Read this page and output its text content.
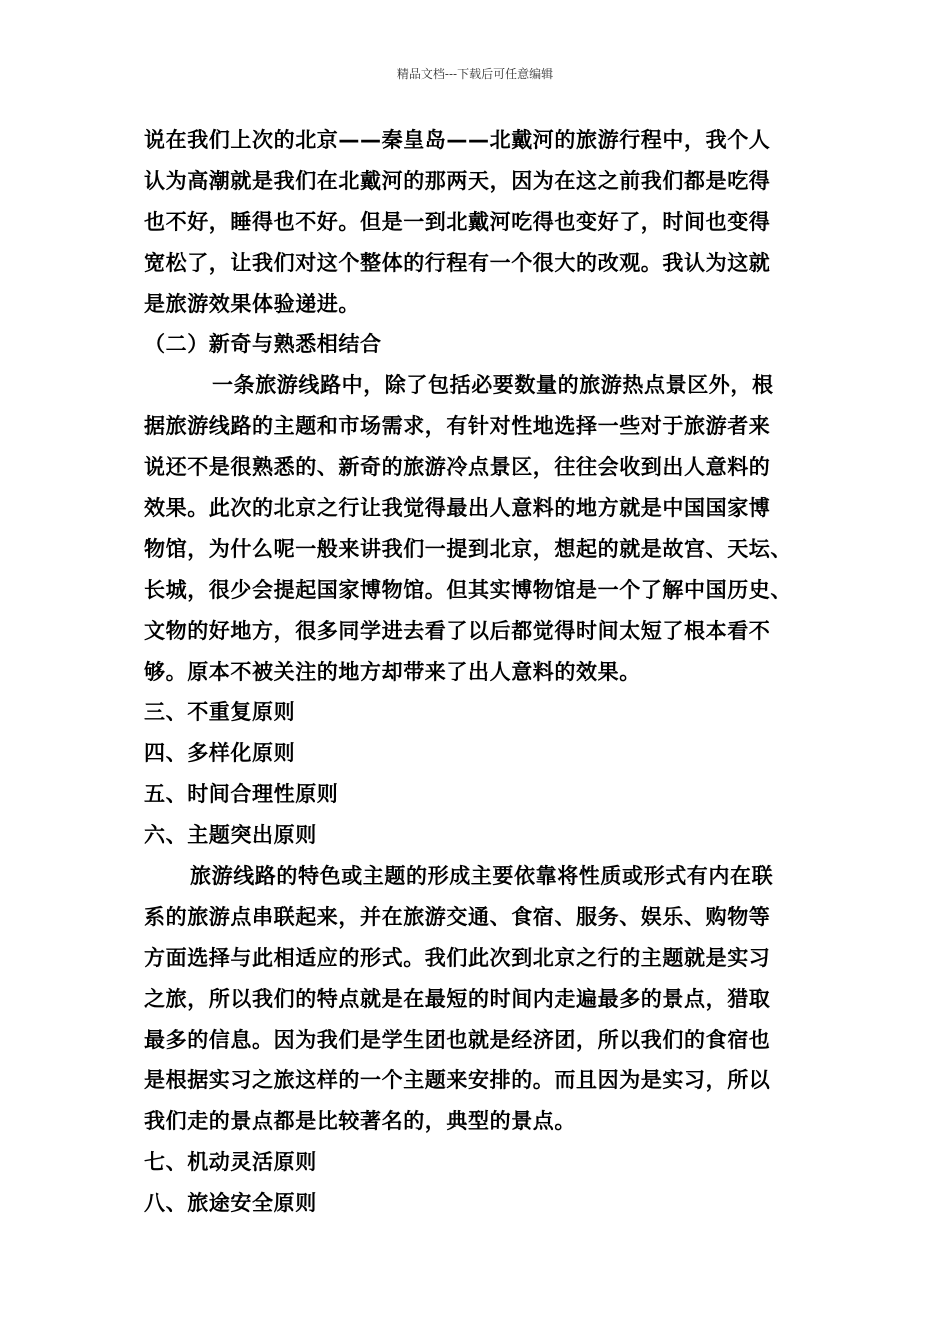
精品文档---下载后可任意编辑
说在我们上次的北京——秦皇岛——北戴河的旅游行程中，我个人
认为高潮就是我们在北戴河的那两天，因为在这之前我们都是吃得
也不好，睡得也不好。但是一到北戴河吃得也变好了，时间也变得
宽松了，让我们对这个整体的行程有一个很大的改观。我认为这就
是旅游效果体验递进。
（二）新奇与熟悉相结合
一条旅游线路中，除了包括必要数量的旅游热点景区外，根
据旅游线路的主题和市场需求，有针对性地选择一些对于旅游者来
说还不是很熟悉的、新奇的旅游冷点景区，往往会收到出人意料的
效果。此次的北京之行让我觉得最出人意料的地方就是中国国家博
物馆，为什么呢一般来讲我们一提到北京，想起的就是故宫、天坛、
长城，很少会提起国家博物馆。但其实博物馆是一个了解中国历史、
文物的好地方，很多同学进去看了以后都觉得时间太短了根本看不
够。原本不被关注的地方却带来了出人意料的效果。
三、不重复原则
四、多样化原则
五、时间合理性原则
六、主题突出原则
旅游线路的特色或主题的形成主要依靠将性质或形式有内在联
系的旅游点串联起来，并在旅游交通、食宿、服务、娱乐、购物等
方面选择与此相适应的形式。我们此次到北京之行的主题就是实习
之旅，所以我们的特点就是在最短的时间内走遍最多的景点，猎取
最多的信息。因为我们是学生团也就是经济团，所以我们的食宿也
是根据实习之旅这样的一个主题来安排的。而且因为是实习，所以
我们走的景点都是比较著名的，典型的景点。
七、机动灵活原则
八、旅途安全原则
